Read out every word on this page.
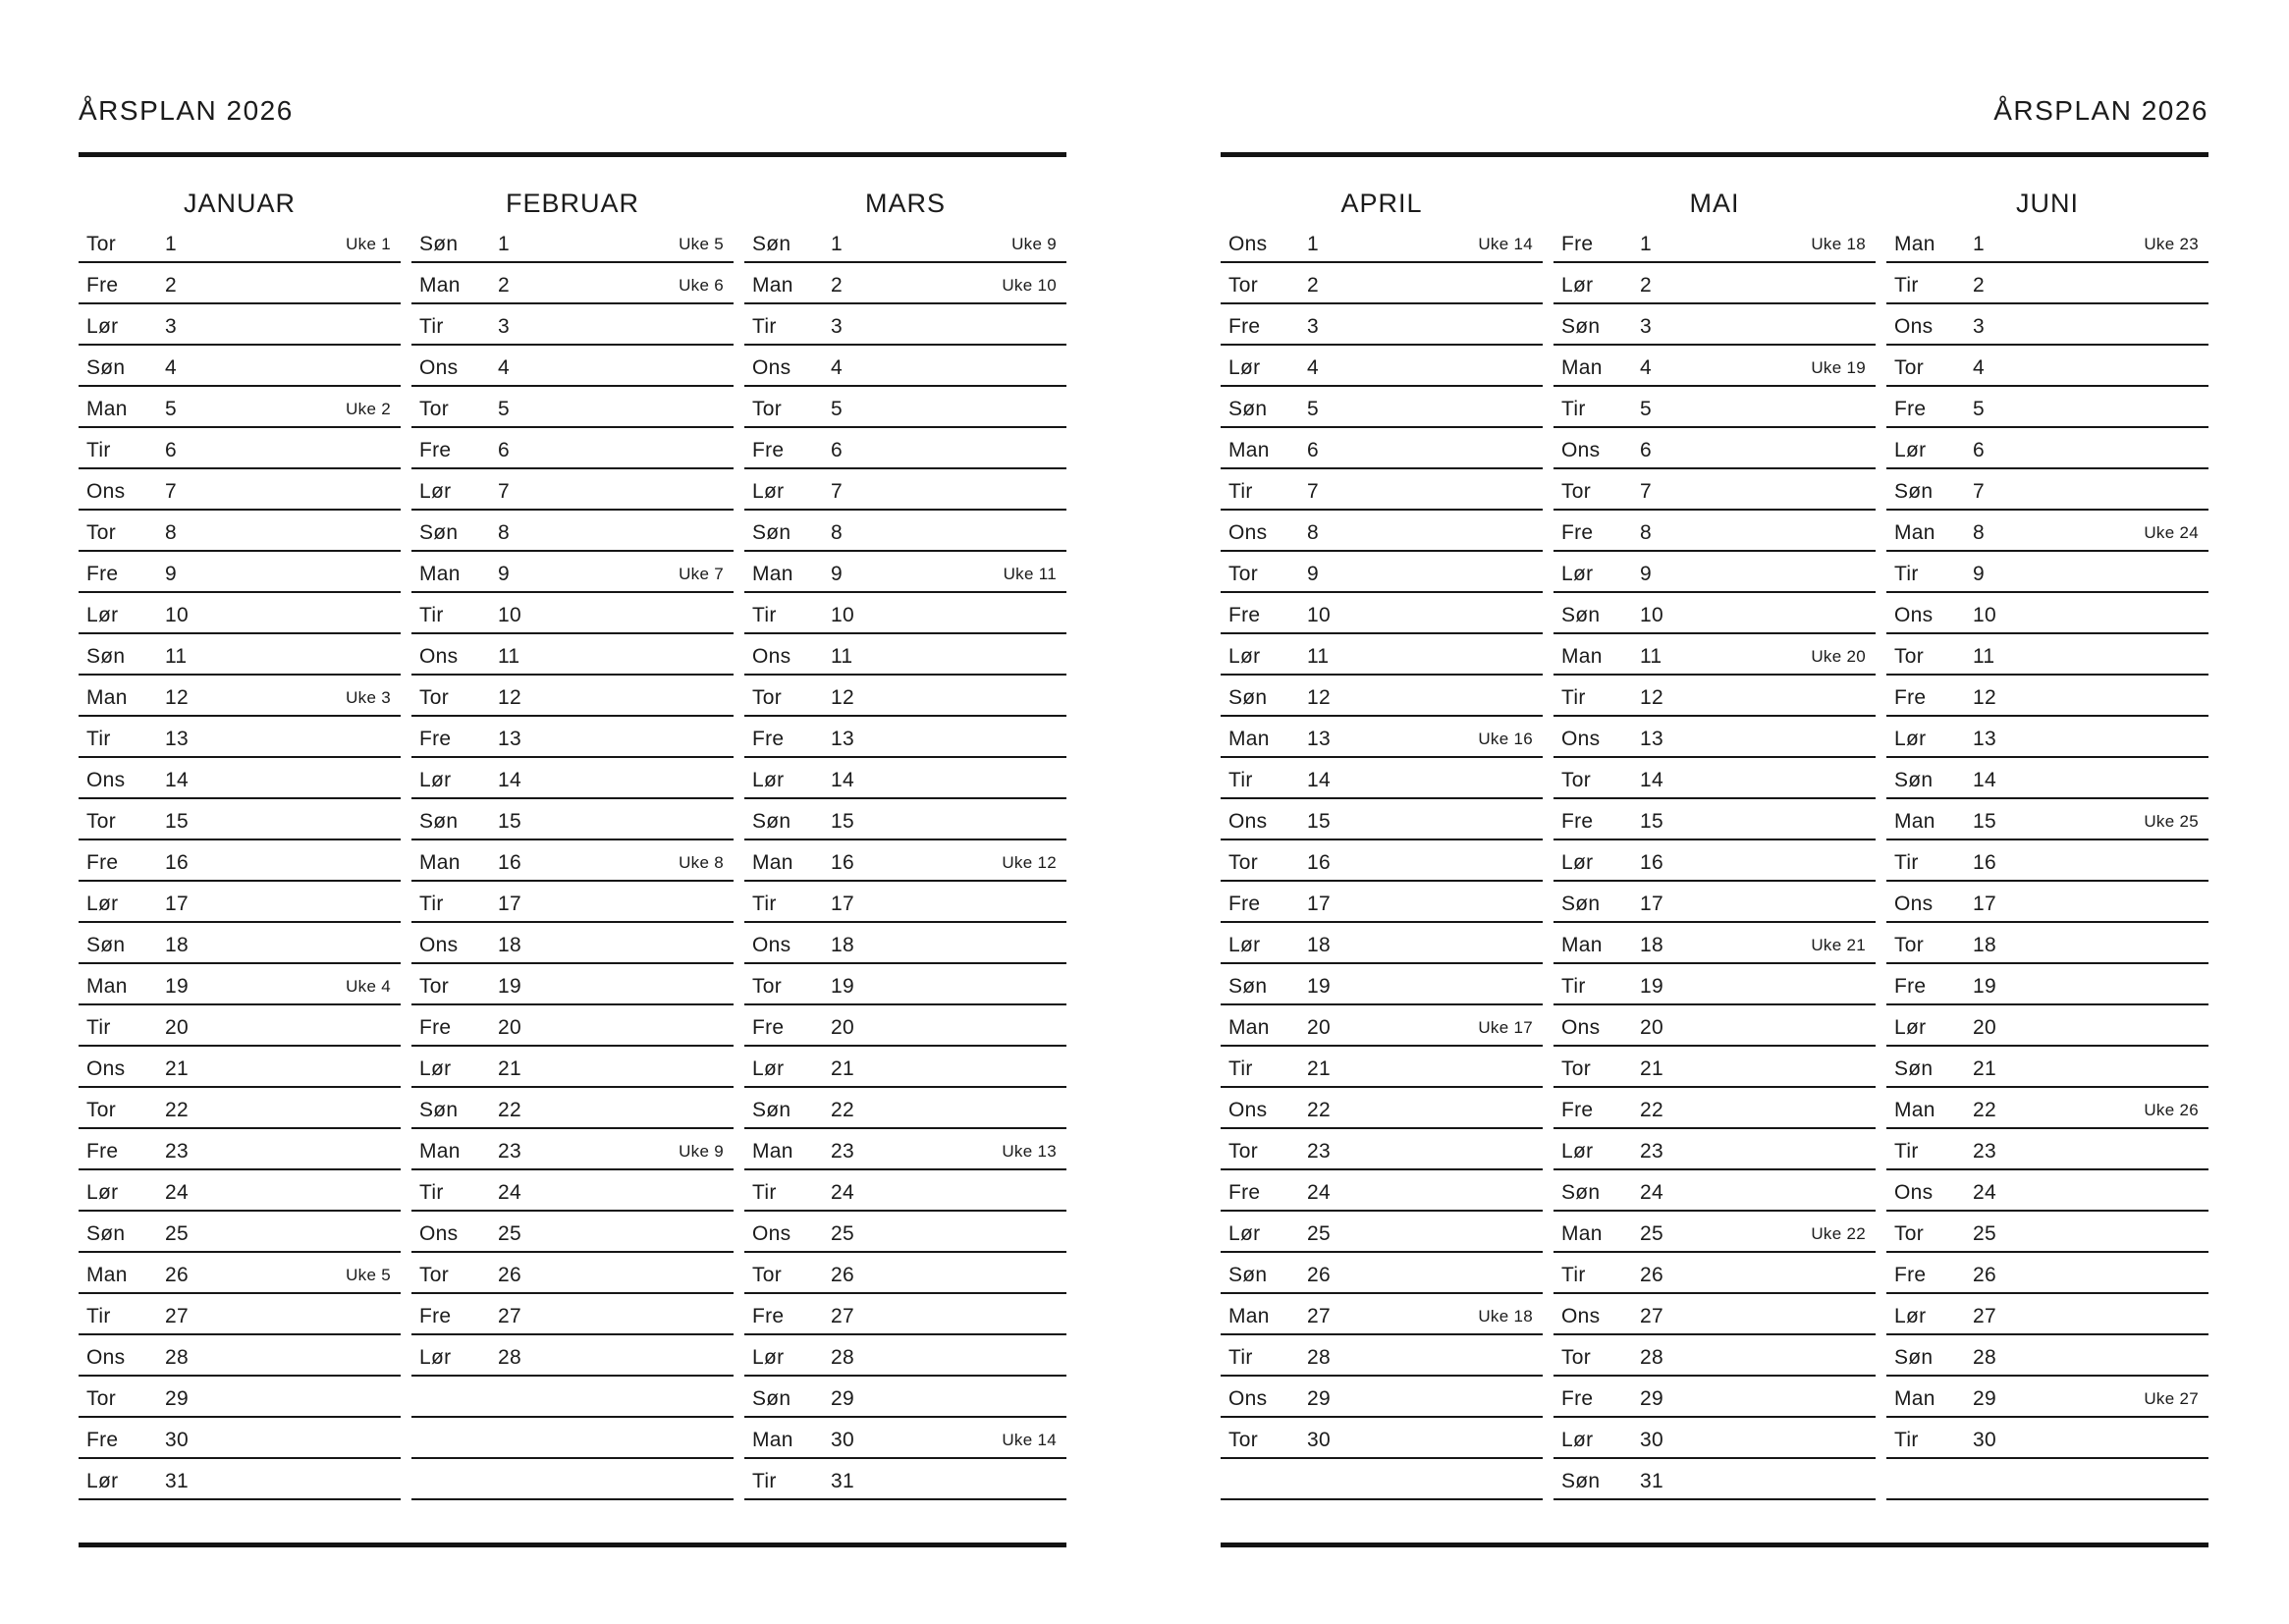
ÅRSPLAN 2026
JANUAR
Tor 1	Uke 1
Fre 2
Lør 3
Søn 4
Man 5	Uke 2
Tir	6
Ons 7
Tor 8
Fre 9
Lør 10
Søn 11
Man 12	Uke 3
Tir	13
Ons 14
Tor 15
Fre 16
Lør 17
Søn 18
Man 19	Uke 4
Tir	20
Ons 21
Tor 22
Fre 23
Lør 24
Søn 25
Man 26	Uke 5
Tir	27
Ons 28
Tor 29
Fre 30
Lør 31
FEBRUAR
Søn 1	Uke 5
Man 2	Uke 6
Tir	3
Ons 4
Tor 5
Fre 6
Lør 7
Søn 8
Man 9	Uke 7
Tir	10
Ons 11
Tor 12
Fre 13
Lør 14
Søn 15
Man 16	Uke 8
Tir	17
Ons 18
Tor 19
Fre 20
Lør 21
Søn 22
Man 23	Uke 9
Tir	24
Ons 25
Tor 26
Fre 27
Lør 28
MARS
Søn 1	Uke 9
Man 2	Uke 10
Tir	3
Ons 4
Tor 5
Fre 6
Lør 7
Søn 8
Man 9	Uke 11
Tir	10
Ons 11
Tor 12
Fre 13
Lør 14
Søn 15
Man 16	Uke 12
Tir	17
Ons 18
Tor 19
Fre 20
Lør 21
Søn 22
Man 23	Uke 13
Tir	24
Ons 25
Tor 26
Fre 27
Lør 28
Søn 29
Man 30	Uke 14
Tir	31
ÅRSPLAN 2026
APRIL
Ons 1	Uke 14
Tor 2
Fre 3
Lør 4
Søn 5
Man 6
Tir	7
Ons 8
Tor 9
Fre 10
Lør 11
Søn 12
Man 13	Uke 16
Tir	14
Ons 15
Tor 16
Fre 17
Lør 18
Søn 19
Man 20	Uke 17
Tir	21
Ons 22
Tor 23
Fre 24
Lør 25
Søn 26
Man 27	Uke 18
Tir	28
Ons 29
Tor 30
MAI
Fre 1	Uke 18
Lør 2
Søn 3
Man 4	Uke 19
Tir	5
Ons 6
Tor 7
Fre 8
Lør 9
Søn 10
Man 11	Uke 20
Tir	12
Ons 13
Tor 14
Fre 15
Lør 16
Søn 17
Man 18	Uke 21
Tir	19
Ons 20
Tor 21
Fre 22
Lør 23
Søn 24
Man 25	Uke 22
Tir	26
Ons 27
Tor 28
Fre 29
Lør 30
Søn 31
JUNI
Man 1	Uke 23
Tir	2
Ons 3
Tor 4
Fre 5
Lør 6
Søn 7
Man 8	Uke 24
Tir	9
Ons 10
Tor 11
Fre 12
Lør 13
Søn 14
Man 15	Uke 25
Tir	16
Ons 17
Tor 18
Fre 19
Lør 20
Søn 21
Man 22	Uke 26
Tir	23
Ons 24
Tor 25
Fre 26
Lør 27
Søn 28
Man 29	Uke 27
Tir	30
